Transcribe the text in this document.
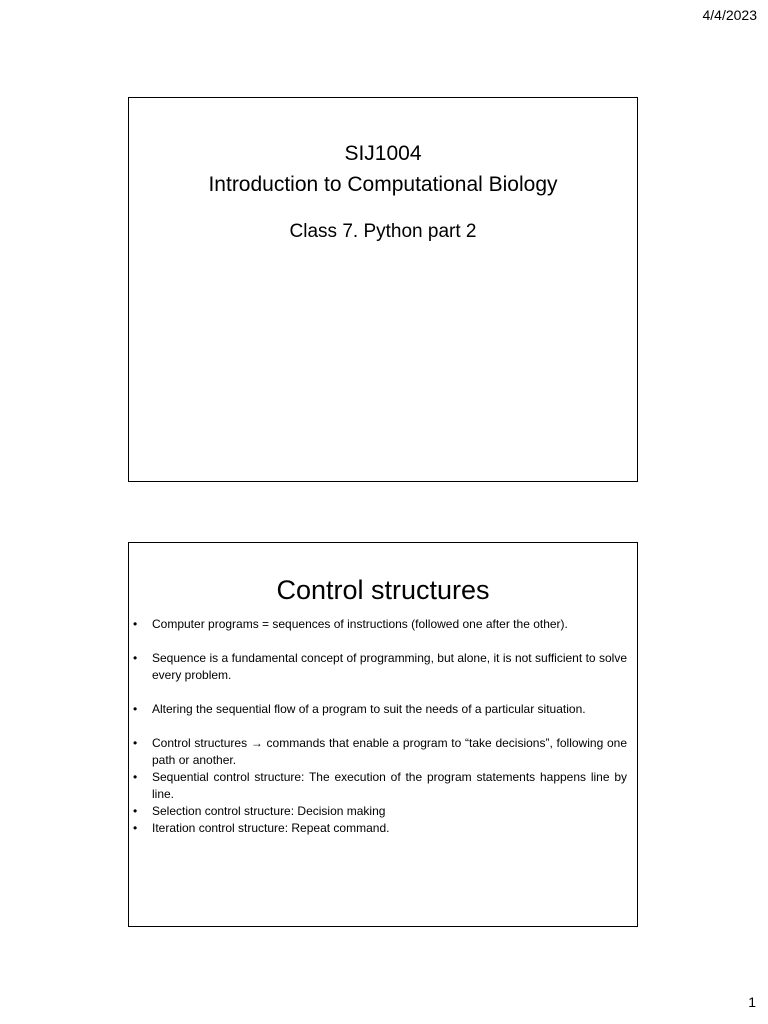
4/4/2023
SIJ1004
Introduction to Computational Biology
Class 7. Python part 2
Control structures
• Computer programs = sequences of instructions (followed one after the other).
• Sequence is a fundamental concept of programming, but alone, it is not sufficient to solve every problem.
• Altering the sequential flow of a program to suit the needs of a particular situation.
• Control structures → commands that enable a program to “take decisions”, following one path or another.
• Sequential control structure: The execution of the program statements happens line by line.
• Selection control structure: Decision making
• Iteration control structure: Repeat command.
1
